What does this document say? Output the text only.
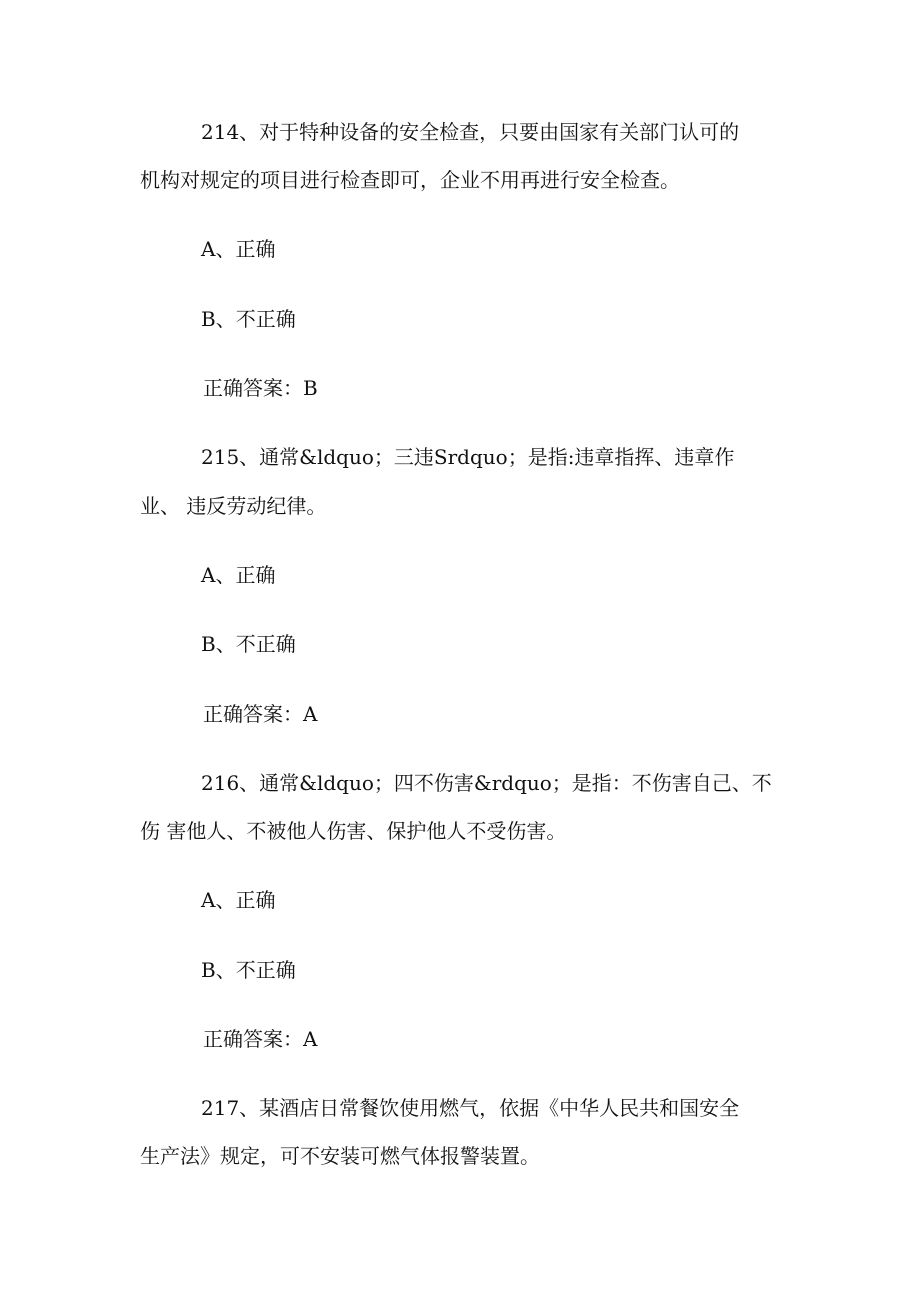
214、对于特种设备的安全检查，只要由国家有关部门认可的

机构对规定的项目进行检查即可，企业不用再进行安全检查。

A、正确

B、不正确

正确答案：B

215、通常&ldquo；三违Srdquo；是指:违章指挥、违章作

业、 违反劳动纪律。

A、正确

B、不正确

正确答案：A

216、通常&ldquo；四不伤害&rdquo；是指：不伤害自己、不

伤 害他人、不被他人伤害、保护他人不受伤害。

A、正确

B、不正确

正确答案：A

217、某酒店日常餐饮使用燃气，依据《中华人民共和国安全

生产法》规定，可不安装可燃气体报警装置。
